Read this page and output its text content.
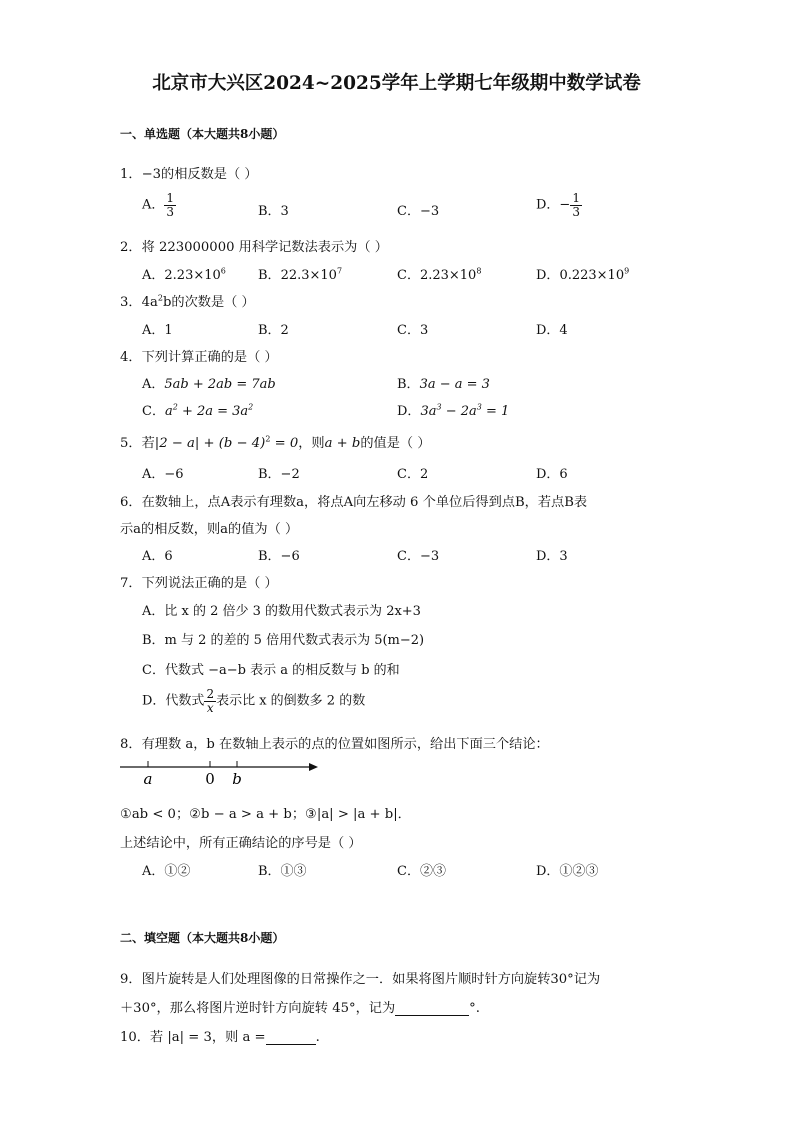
北京市大兴区2024~2025学年上学期七年级期中数学试卷
一、单选题（本大题共8小题）
1．−3的相反数是（ ）
A． $\frac{1}{3}$	B．3	C．−3	D．− $\frac{1}{3}$
2．将 223000000 用科学记数法表示为（ ）
A．$2.23\times 10^6$ B．$22.3\times 10^7$	C．$2.23\times 10^8$	D．$0.223\times 10^9$
3．$4a^2b$的次数是（ ）
A．1	B．2	C．3	D．4
4．下列计算正确的是（ ）
A．5ab + 2ab = 7ab	B．3a − a = 3
C．$a^2 + 2a = 3a^2$	D．$3a^3 - 2a^3 = 1$
5．若$|2 - a| + (b - 4)^2 = 0$，则a + b的值是（ ）
A．−6	B．−2	C．2	D．6
6．在数轴上，点A表示有理数a，将点A向左移动 6 个单位后得到点B，若点B表
示a的相反数，则a的值为（ ）
A．6	B．−6	C．−3	D．3
7．下列说法正确的是（ ）
A．比 x 的 2 倍少 3 的数用代数式表示为 2x+3
B．m 与 2 的差的 5 倍用代数式表示为 5(m−2)
C．代数式 −a−b 表示 a 的相反数与 b 的和
D．代数式 $\frac{2}{x}$ 表示比 x 的倒数多 2 的数
8．有理数 a，b 在数轴上表示的点的位置如图所示，给出下面三个结论：
a	0 b
①ab < 0；②b − a > a + b；③|a| > |a + b|．
上述结论中，所有正确结论的序号是（ ）
A．①②	B．①③	C．②③	D．①②③
二、填空题（本大题共8小题）
9．图片旋转是人们处理图像的日常操作之一．如果将图片顺时针方向旋转30°记为
＋30°，那么将图片逆时针方向旋转 45°，记为	°.
10．若 |a| = 3，则 a =	.
